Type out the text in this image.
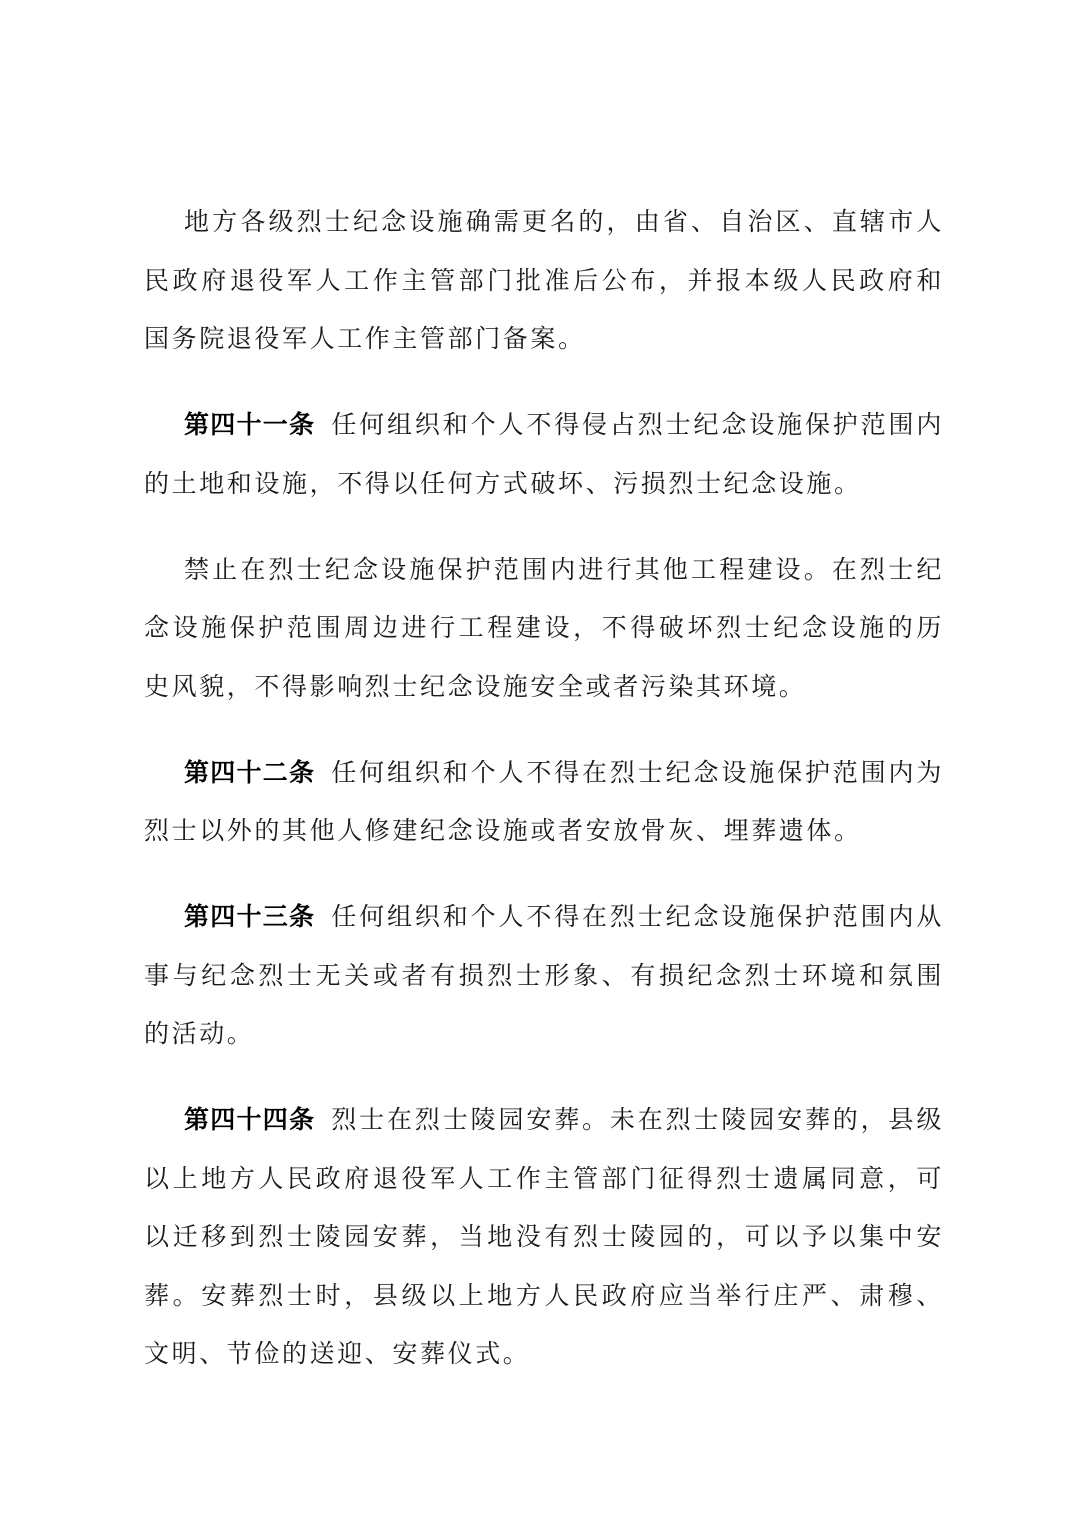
地方各级烈士纪念设施确需更名的，由省、自治区、直辖市人民政府退役军人工作主管部门批准后公布，并报本级人民政府和国务院退役军人工作主管部门备案。

第四十一条 任何组织和个人不得侵占烈士纪念设施保护范围内的土地和设施，不得以任何方式破坏、污损烈士纪念设施。

禁止在烈士纪念设施保护范围内进行其他工程建设。在烈士纪念设施保护范围周边进行工程建设，不得破坏烈士纪念设施的历史风貌，不得影响烈士纪念设施安全或者污染其环境。

第四十二条 任何组织和个人不得在烈士纪念设施保护范围内为烈士以外的其他人修建纪念设施或者安放骨灰、埋葬遗体。

第四十三条 任何组织和个人不得在烈士纪念设施保护范围内从事与纪念烈士无关或者有损烈士形象、有损纪念烈士环境和氛围的活动。

第四十四条 烈士在烈士陵园安葬。未在烈士陵园安葬的，县级以上地方人民政府退役军人工作主管部门征得烈士遗属同意，可以迁移到烈士陵园安葬，当地没有烈士陵园的，可以予以集中安葬。安葬烈士时，县级以上地方人民政府应当举行庄严、肃穆、文明、节俭的送迎、安葬仪式。
